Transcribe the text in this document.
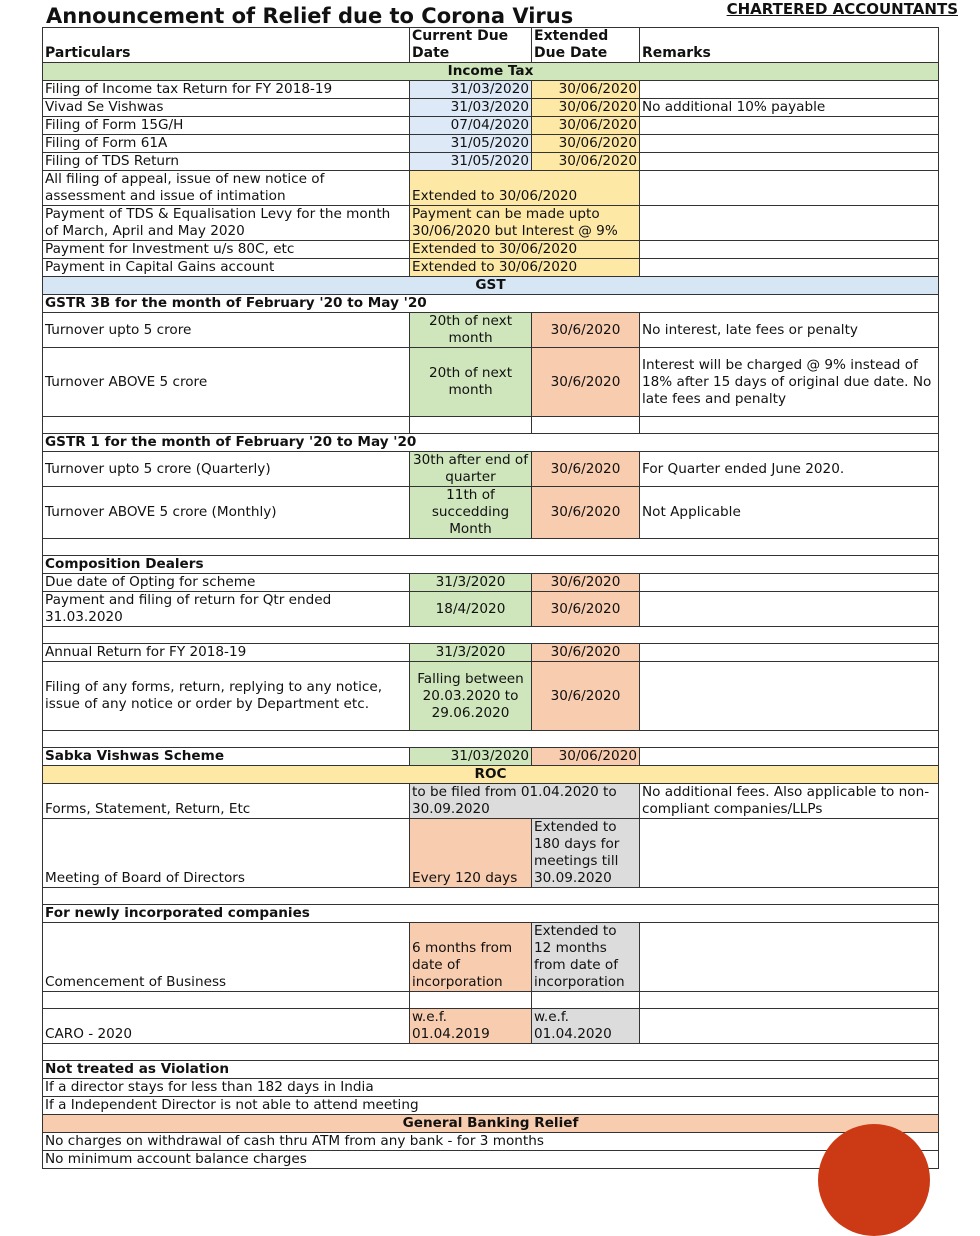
Announcement of Relief due to Corona Virus	CHARTERED ACCOUNTANTS
Particulars	Current Due Date	Extended Due Date	Remarks
Income Tax			
Filing of Income tax Return for FY 2018-19	31/03/2020	30/06/2020	
Vivad Se Vishwas	31/03/2020	30/06/2020	No additional 10% payable
Filing of Form 15G/H	07/04/2020	30/06/2020	
Filing of Form 61A	31/05/2020	30/06/2020	
Filing of TDS Return	31/05/2020	30/06/2020	
All filing of appeal, issue of new notice of assessment and issue of intimation	Extended to 30/06/2020		
Payment of TDS & Equalisation Levy for the month of March, April and May 2020	Payment can be made upto 30/06/2020 but Interest @ 9%		
Payment for Investment u/s 80C, etc	Extended to 30/06/2020		
Payment in Capital Gains account	Extended to 30/06/2020		
GST			
GSTR 3B for the month of February '20 to May '20			
Turnover upto 5 crore	20th of next month	30/6/2020	No interest, late fees or penalty
Turnover ABOVE 5 crore	20th of next month	30/6/2020	Interest will be charged @ 9% instead of 18% after 15 days of original due date. No late fees and penalty

GSTR 1 for the month of February '20 to May '20			
Turnover upto 5 crore (Quarterly)	30th after end of quarter	30/6/2020	For Quarter ended June 2020.
Turnover ABOVE 5 crore (Monthly)	11th of succedding Month	30/6/2020	Not Applicable

Composition Dealers			
Due date of Opting for scheme	31/3/2020	30/6/2020	
Payment and filing of return for Qtr ended 31.03.2020	18/4/2020	30/6/2020	

Annual Return for FY 2018-19	31/3/2020	30/6/2020	
Filing of any forms, return, replying to any notice, issue of any notice or order by Department etc.	Falling between 20.03.2020 to 29.06.2020	30/6/2020	

Sabka Vishwas Scheme	31/03/2020	30/06/2020	
ROC			
Forms, Statement, Return, Etc	to be filed from 01.04.2020 to 30.09.2020		No additional fees. Also applicable to non-compliant companies/LLPs
Meeting of Board of Directors	Every 120 days	Extended to 180 days for meetings till 30.09.2020	

For newly incorporated companies			
Comencement of Business	6 months from date of incorporation	Extended to 12 months from date of incorporation	

CARO - 2020	w.e.f. 01.04.2019	w.e.f. 01.04.2020	

Not treated as Violation			
If a director stays for less than 182 days in India			
If a Independent Director is not able to attend meeting			
General Banking Relief			
No charges on withdrawal of cash thru ATM from any bank - for 3 months			
No minimum account balance charges			
